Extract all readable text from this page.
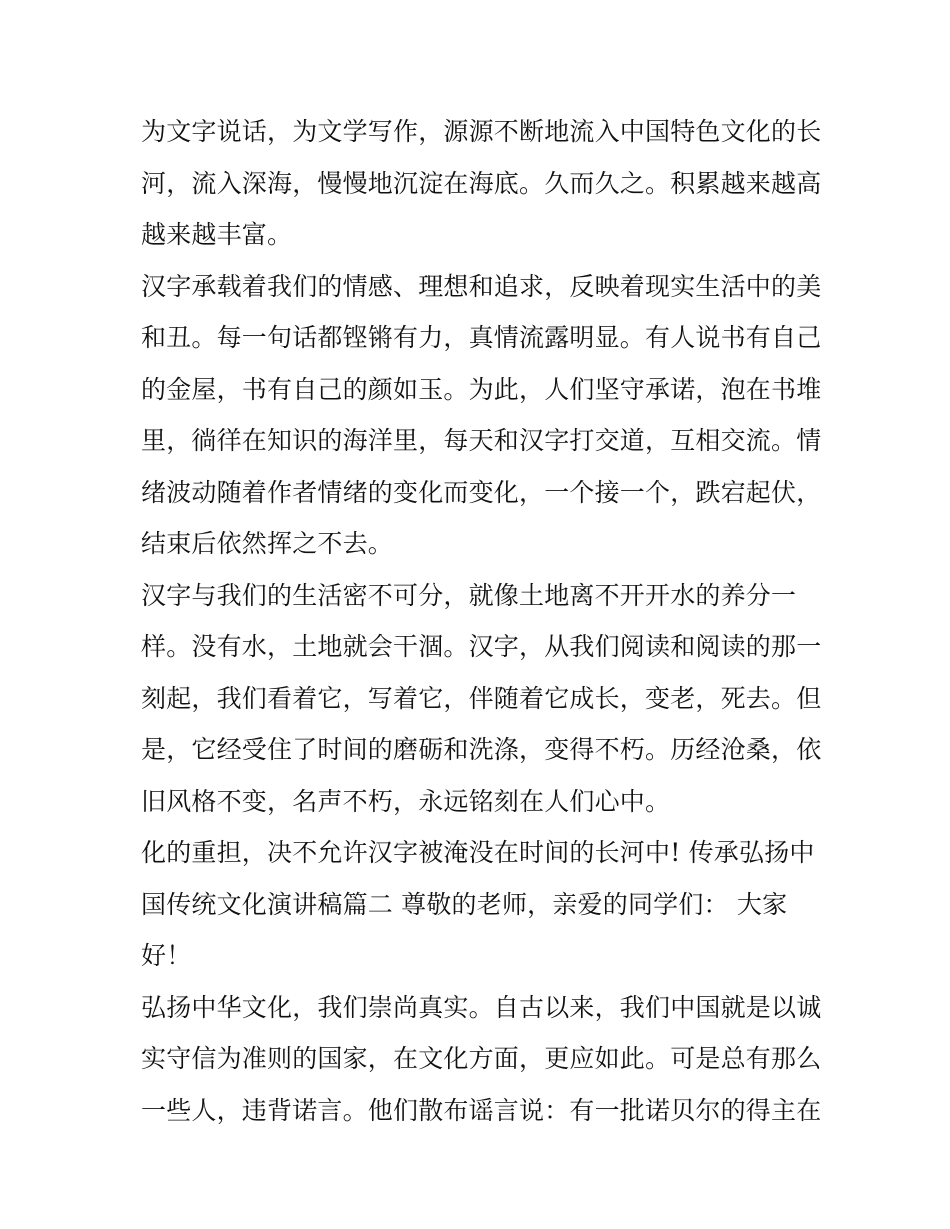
为文字说话，为文学写作，源源不断地流入中国特色文化的长
河，流入深海，慢慢地沉淀在海底。久而久之。积累越来越高
越来越丰富。
汉字承载着我们的情感、理想和追求，反映着现实生活中的美
和丑。每一句话都铿锵有力，真情流露明显。有人说书有自己
的金屋，书有自己的颜如玉。为此，人们坚守承诺，泡在书堆
里，徜徉在知识的海洋里，每天和汉字打交道，互相交流。情
绪波动随着作者情绪的变化而变化，一个接一个，跌宕起伏，
结束后依然挥之不去。
汉字与我们的生活密不可分，就像土地离不开开水的养分一
样。没有水，土地就会干涸。汉字，从我们阅读和阅读的那一
刻起，我们看着它，写着它，伴随着它成长，变老，死去。但
是，它经受住了时间的磨砺和洗涤，变得不朽。历经沧桑，依
旧风格不变，名声不朽，永远铭刻在人们心中。
化的重担，决不允许汉字被淹没在时间的长河中! 传承弘扬中
国传统文化演讲稿篇二 尊敬的老师，亲爱的同学们： 大家
好！
弘扬中华文化，我们崇尚真实。自古以来，我们中国就是以诚
实守信为准则的国家，在文化方面，更应如此。可是总有那么
一些人，违背诺言。他们散布谣言说：有一批诺贝尔的得主在
